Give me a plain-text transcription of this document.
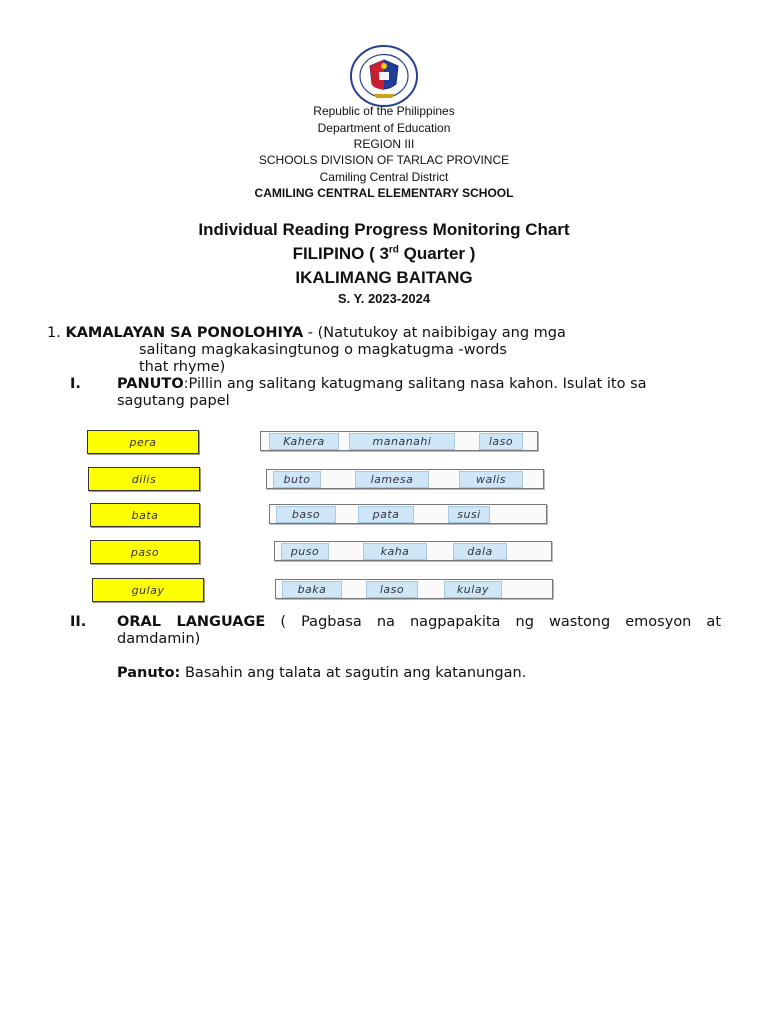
Republic of the Philippines
Department of Education
REGION III
SCHOOLS DIVISION OF TARLAC PROVINCE
Camiling Central District
CAMILING CENTRAL ELEMENTARY SCHOOL
Individual Reading Progress Monitoring Chart
FILIPINO ( 3rd Quarter )
IKALIMANG BAITANG
S. Y. 2023-2024
1. KAMALAYAN SA PONOLOHIYA - (Natutukoy at naibibigay ang mga
salitang magkakasingtunog o magkatugma -words
that rhyme)
I. PANUTO:Pillin ang salitang katugmang salitang nasa kahon. Isulat ito sa
sagutang papel
pera	Kahera	mananahi	laso
dilis	buto	lamesa	walis
bata	baso	pata	susi
paso	puso	kaha	dala
gulay	baka	laso	kulay
II. ORAL LANGUAGE ( Pagbasa na nagpapakita ng wastong emosyon at
damdamin)
Panuto: Basahin ang talata at sagutin ang katanungan.
